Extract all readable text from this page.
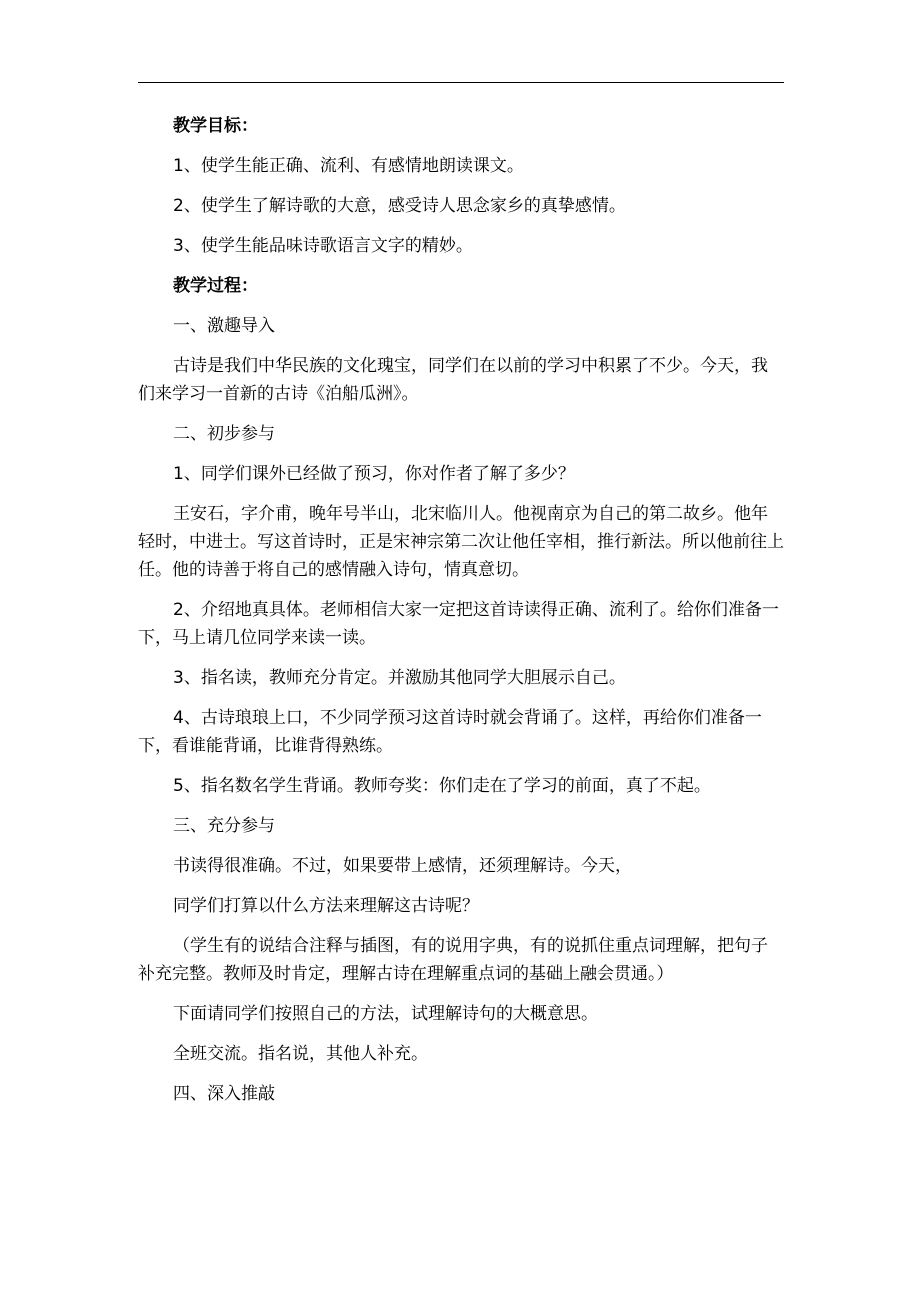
教学目标：

1、使学生能正确、流利、有感情地朗读课文。

2、使学生了解诗歌的大意，感受诗人思念家乡的真挚感情。

3、使学生能品味诗歌语言文字的精妙。

教学过程：

一、激趣导入

古诗是我们中华民族的文化瑰宝，同学们在以前的学习中积累了不少。今天，我们来学习一首新的古诗《泊船瓜洲》。

二、初步参与

1、同学们课外已经做了预习，你对作者了解了多少？

王安石，字介甫，晚年号半山，北宋临川人。他视南京为自己的第二故乡。他年轻时，中进士。写这首诗时，正是宋神宗第二次让他任宰相，推行新法。所以他前往上任。他的诗善于将自己的感情融入诗句，情真意切。

2、介绍地真具体。老师相信大家一定把这首诗读得正确、流利了。给你们准备一下，马上请几位同学来读一读。

3、指名读，教师充分肯定。并激励其他同学大胆展示自己。

4、古诗琅琅上口，不少同学预习这首诗时就会背诵了。这样，再给你们准备一下，看谁能背诵，比谁背得熟练。

5、指名数名学生背诵。教师夸奖：你们走在了学习的前面，真了不起。

三、充分参与

书读得很准确。不过，如果要带上感情，还须理解诗。今天，

同学们打算以什么方法来理解这古诗呢？

（学生有的说结合注释与插图，有的说用字典，有的说抓住重点词理解，把句子补充完整。教师及时肯定，理解古诗在理解重点词的基础上融会贯通。）

下面请同学们按照自己的方法，试理解诗句的大概意思。

全班交流。指名说，其他人补充。

四、深入推敲
